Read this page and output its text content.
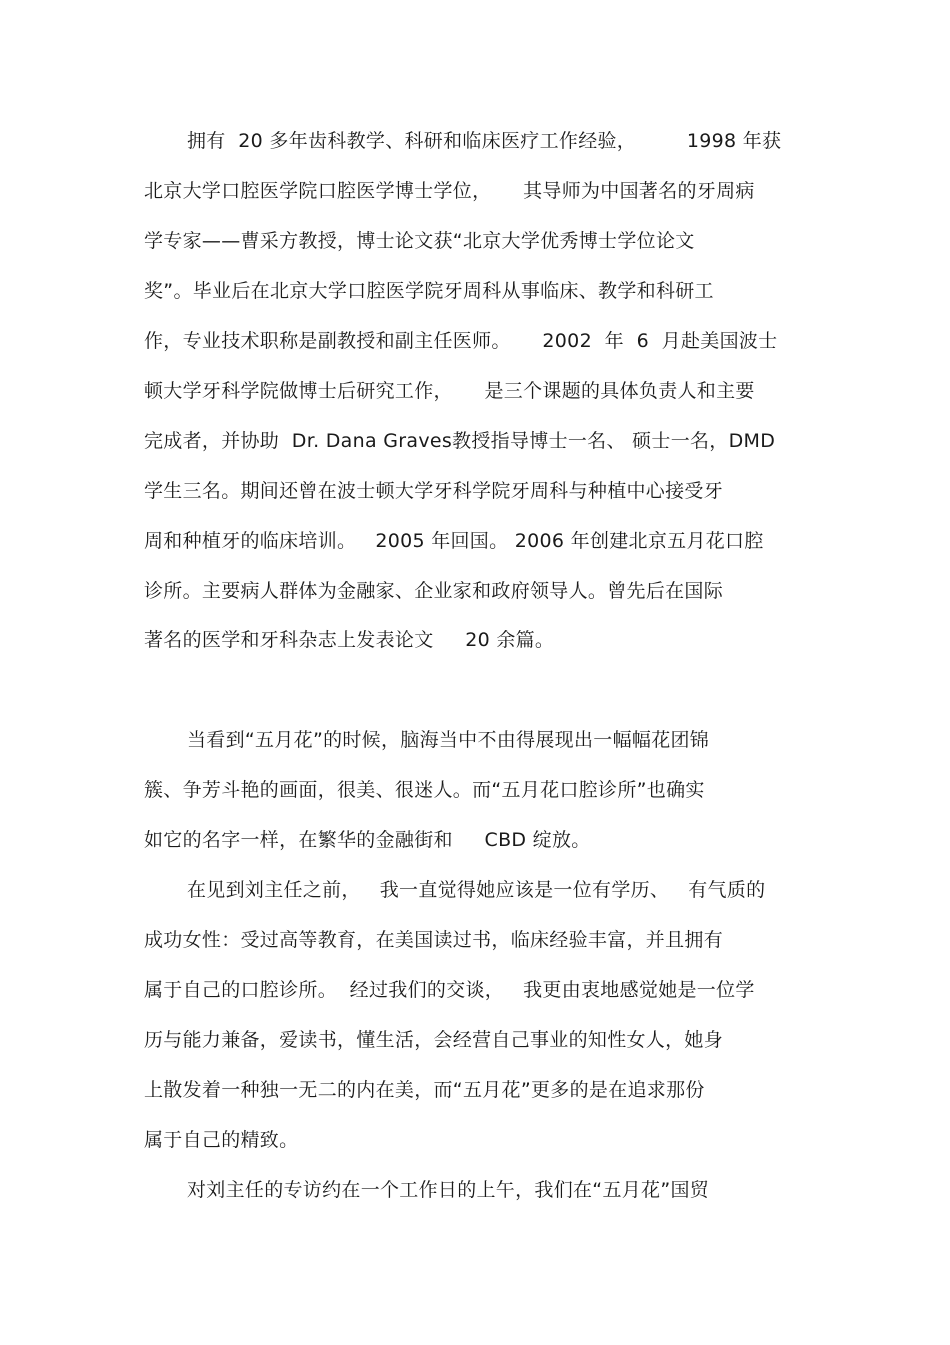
拥有  20 多年齿科教学、科研和临床医疗工作经验，        1998 年获
北京大学口腔医学院口腔医学博士学位，     其导师为中国著名的牙周病
学专家——曹采方教授，博士论文获“北京大学优秀博士学位论文
奖”。毕业后在北京大学口腔医学院牙周科从事临床、教学和科研工
作，专业技术职称是副教授和副主任医师。     2002  年  6  月赴美国波士
顿大学牙科学院做博士后研究工作，     是三个课题的具体负责人和主要
完成者，并协助  Dr. Dana Graves教授指导博士一名、 硕士一名，DMD
学生三名。期间还曾在波士顿大学牙科学院牙周科与种植中心接受牙
周和种植牙的临床培训。   2005 年回国。 2006 年创建北京五月花口腔
诊所。主要病人群体为金融家、企业家和政府领导人。曾先后在国际
著名的医学和牙科杂志上发表论文     20 余篇。
当看到“五月花”的时候，脑海当中不由得展现出一幅幅花团锦
簇、争芳斗艳的画面，很美、很迷人。而“五月花口腔诊所”也确实
如它的名字一样，在繁华的金融街和     CBD 绽放。
在见到刘主任之前，   我一直觉得她应该是一位有学历、   有气质的
成功女性：受过高等教育，在美国读过书，临床经验丰富，并且拥有
属于自己的口腔诊所。  经过我们的交谈，   我更由衷地感觉她是一位学
历与能力兼备，爱读书，懂生活，会经营自己事业的知性女人，她身
上散发着一种独一无二的内在美，而“五月花”更多的是在追求那份
属于自己的精致。
对刘主任的专访约在一个工作日的上午，我们在“五月花”国贸
